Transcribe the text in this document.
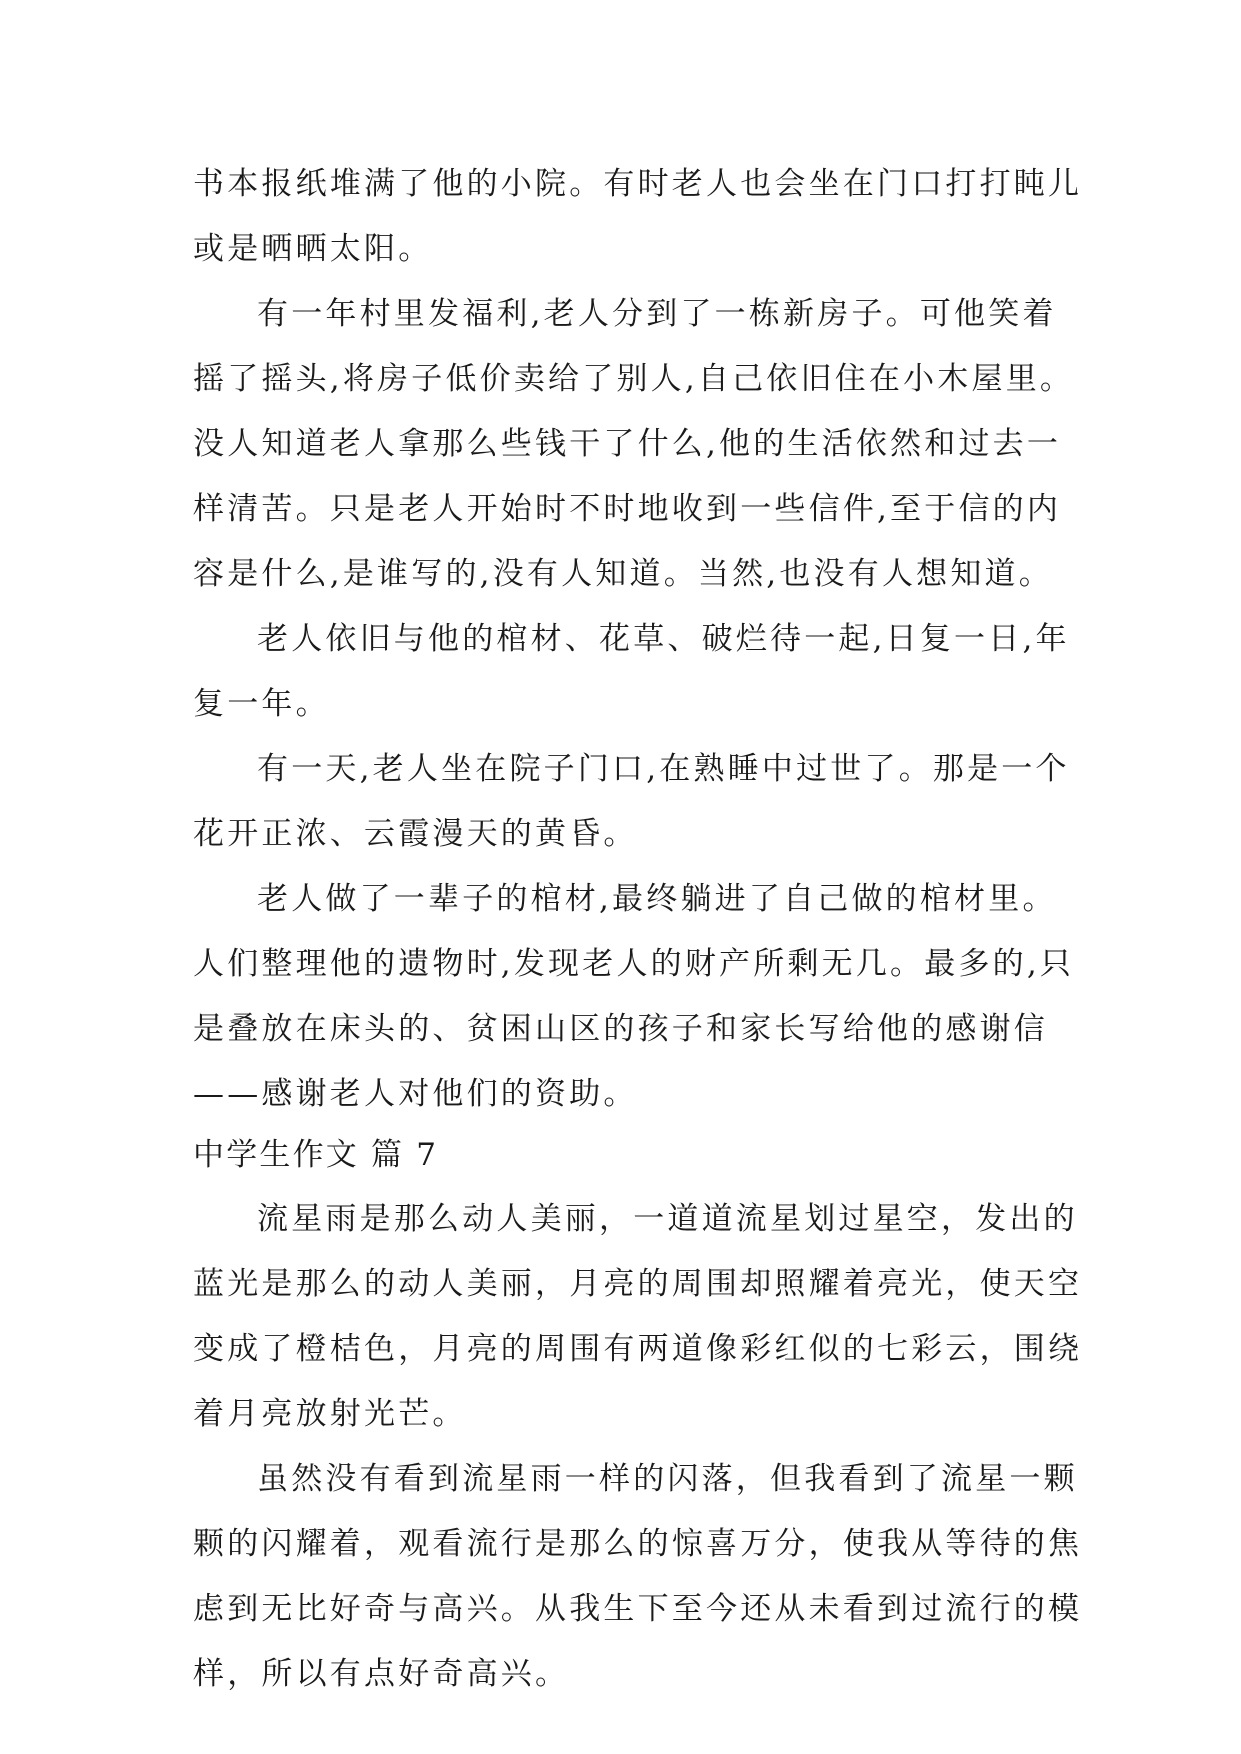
书本报纸堆满了他的小院。有时老人也会坐在门口打打盹儿
或是晒晒太阳。
有一年村里发福利,老人分到了一栋新房子。可他笑着
摇了摇头,将房子低价卖给了别人,自己依旧住在小木屋里。
没人知道老人拿那么些钱干了什么,他的生活依然和过去一
样清苦。只是老人开始时不时地收到一些信件,至于信的内
容是什么,是谁写的,没有人知道。当然,也没有人想知道。
老人依旧与他的棺材、花草、破烂待一起,日复一日,年
复一年。
有一天,老人坐在院子门口,在熟睡中过世了。那是一个
花开正浓、云霞漫天的黄昏。
老人做了一辈子的棺材,最终躺进了自己做的棺材里。
人们整理他的遗物时,发现老人的财产所剩无几。最多的,只
是叠放在床头的、贫困山区的孩子和家长写给他的感谢信
——感谢老人对他们的资助。
中学生作文 篇 7
流星雨是那么动人美丽，一道道流星划过星空，发出的
蓝光是那么的动人美丽，月亮的周围却照耀着亮光，使天空
变成了橙桔色，月亮的周围有两道像彩红似的七彩云，围绕
着月亮放射光芒。
虽然没有看到流星雨一样的闪落，但我看到了流星一颗
颗的闪耀着，观看流行是那么的惊喜万分，使我从等待的焦
虑到无比好奇与高兴。从我生下至今还从未看到过流行的模
样，所以有点好奇高兴。
